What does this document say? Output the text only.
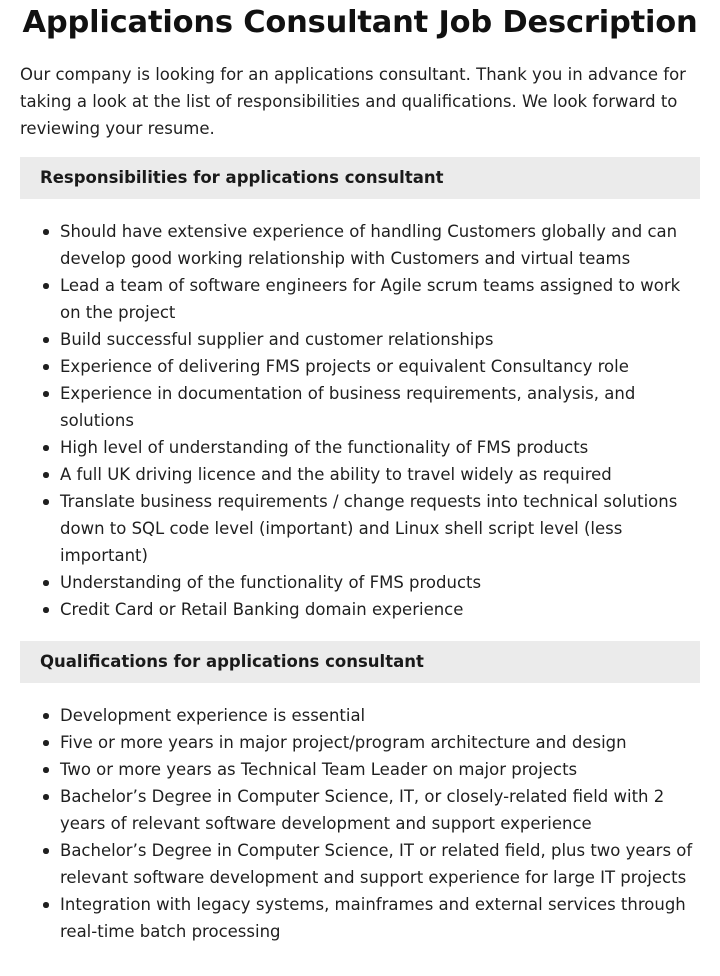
Applications Consultant Job Description

Our company is looking for an applications consultant. Thank you in advance for taking a look at the list of responsibilities and qualifications. We look forward to reviewing your resume.

Responsibilities for applications consultant
Should have extensive experience of handling Customers globally and can develop good working relationship with Customers and virtual teams
Lead a team of software engineers for Agile scrum teams assigned to work on the project
Build successful supplier and customer relationships
Experience of delivering FMS projects or equivalent Consultancy role
Experience in documentation of business requirements, analysis, and solutions
High level of understanding of the functionality of FMS products
A full UK driving licence and the ability to travel widely as required
Translate business requirements / change requests into technical solutions down to SQL code level (important) and Linux shell script level (less important)
Understanding of the functionality of FMS products
Credit Card or Retail Banking domain experience
Qualifications for applications consultant
Development experience is essential
Five or more years in major project/program architecture and design
Two or more years as Technical Team Leader on major projects
Bachelor’s Degree in Computer Science, IT, or closely-related field with 2 years of relevant software development and support experience
Bachelor’s Degree in Computer Science, IT or related field, plus two years of relevant software development and support experience for large IT projects
Integration with legacy systems, mainframes and external services through real-time batch processing
